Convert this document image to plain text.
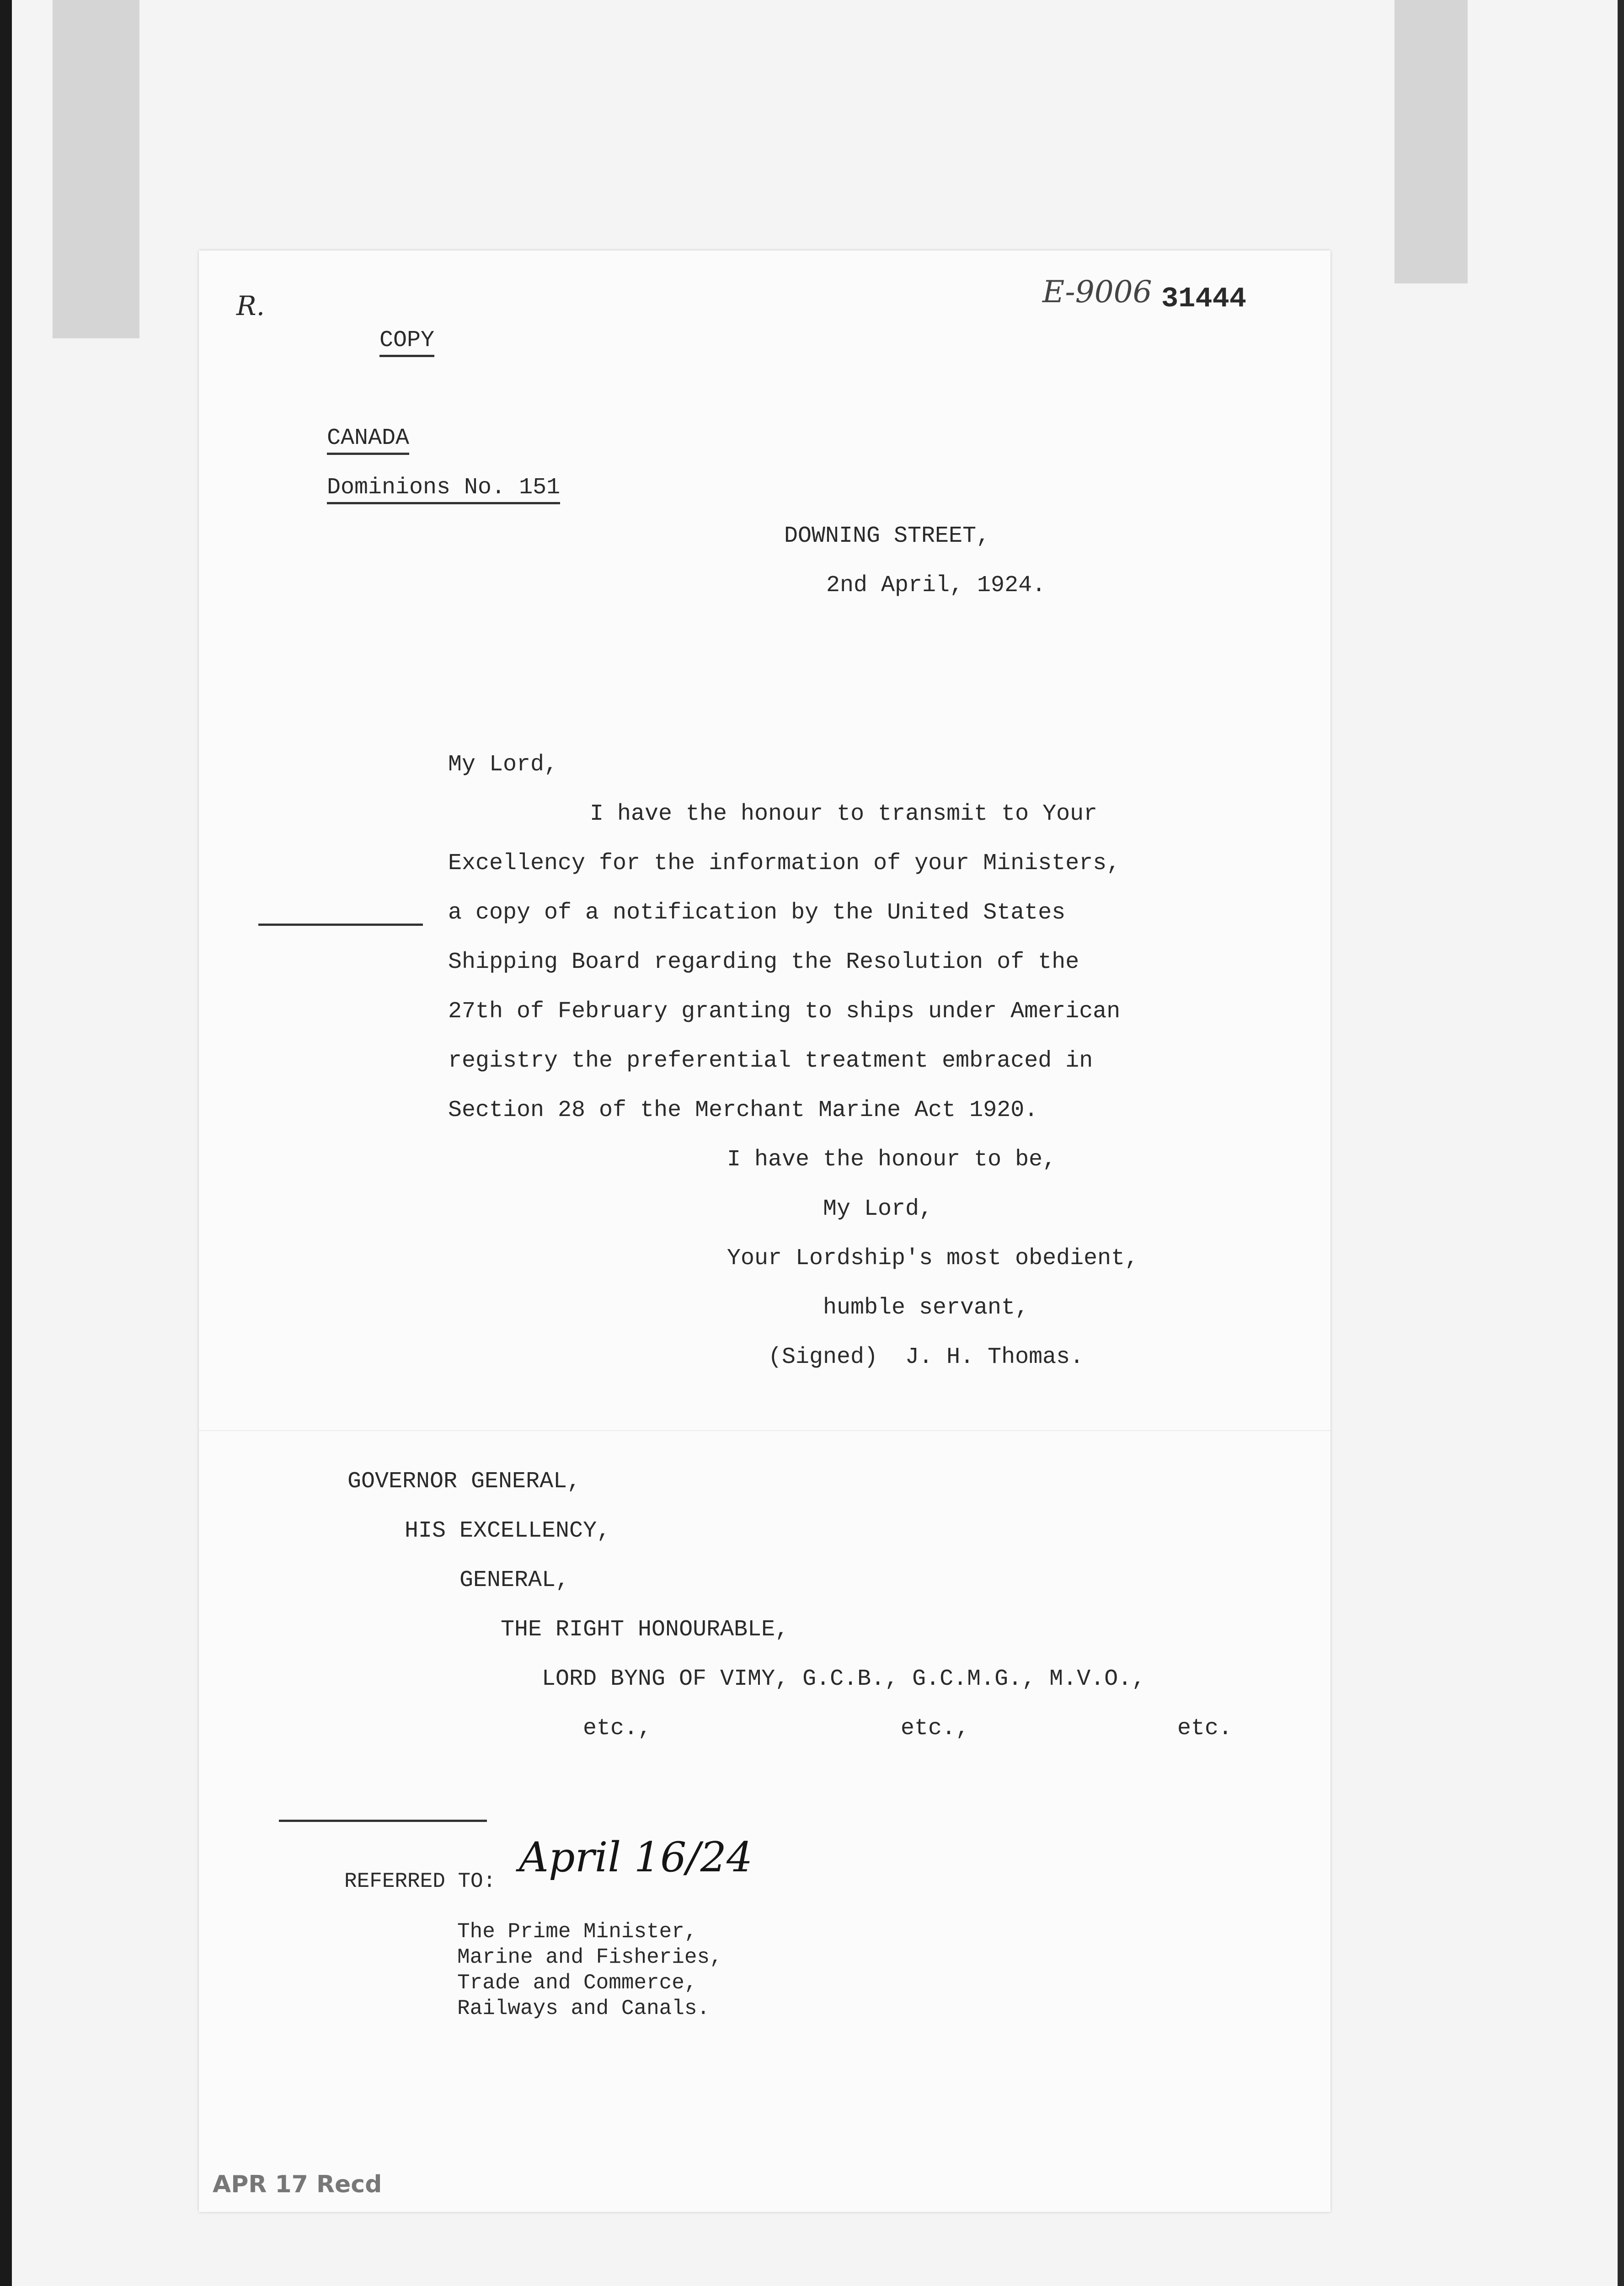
R.	E-9006 31444
COPY
CANADA
Dominions No. 151
DOWNING STREET,
2nd April, 1924.
My Lord,
I have the honour to transmit to Your
Excellency for the information of your Ministers,
a copy of a notification by the United States
Shipping Board regarding the Resolution of the
27th of February granting to ships under American
registry the preferential treatment embraced in
Section 28 of the Merchant Marine Act 1920.
I have the honour to be,
My Lord,
Your Lordship's most obedient,
humble servant,
(Signed)  J. H. Thomas.
GOVERNOR GENERAL,
HIS EXCELLENCY,
GENERAL,
THE RIGHT HONOURABLE,
LORD BYNG OF VIMY, G.C.B., G.C.M.G., M.V.O.,
etc.,	etc.,	etc.
REFERRED TO: April 16/24
The Prime Minister,
Marine and Fisheries,
Trade and Commerce,
Railways and Canals.
APR 17 Recd
